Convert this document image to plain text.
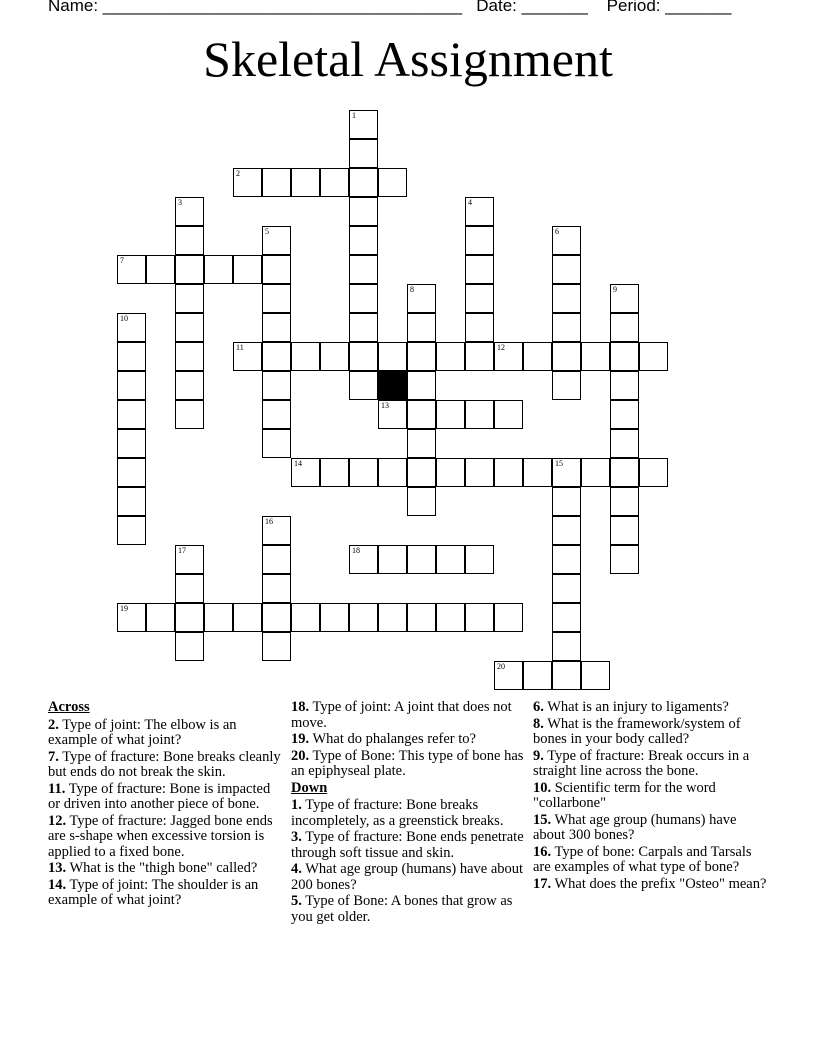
Name: ______________________________________   Date: _______    Period: _______
Skeletal Assignment
1
2
3	4
5	6
7
8	9
10
11	12
13
14	15
16
17	18
19
20
Across
2. Type of joint: The elbow is an example of what joint?
7. Type of fracture: Bone breaks cleanly but ends do not break the skin.
11. Type of fracture: Bone is impacted or driven into another piece of bone.
12. Type of fracture: Jagged bone ends are s-shape when excessive torsion is applied to a fixed bone.
13. What is the "thigh bone" called?
14. Type of joint: The shoulder is an example of what joint?
18. Type of joint: A joint that does not move.
19. What do phalanges refer to?
20. Type of Bone: This type of bone has an epiphyseal plate.
Down
1. Type of fracture: Bone breaks incompletely, as a greenstick breaks.
3. Type of fracture: Bone ends penetrate through soft tissue and skin.
4. What age group (humans) have about 200 bones?
5. Type of Bone: A bones that grow as you get older.
6. What is an injury to ligaments?
8. What is the framework/system of bones in your body called?
9. Type of fracture: Break occurs in a straight line across the bone.
10. Scientific term for the word "collarbone"
15. What age group (humans) have about 300 bones?
16. Type of bone: Carpals and Tarsals are examples of what type of bone?
17. What does the prefix "Osteo" mean?
